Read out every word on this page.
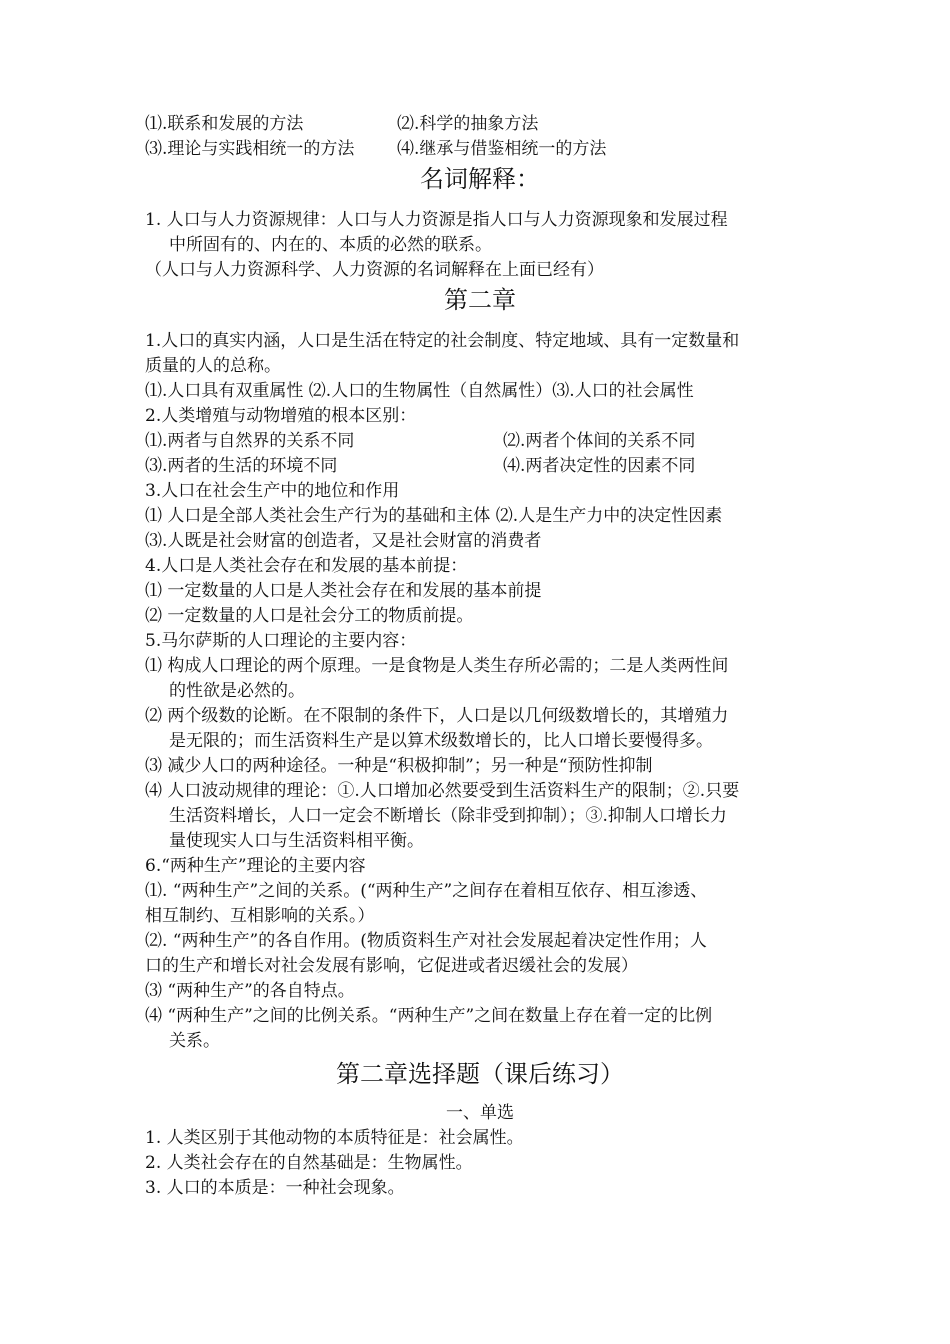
⑴.联系和发展的方法	⑵.科学的抽象方法
⑶.理论与实践相统一的方法	⑷.继承与借鉴相统一的方法
名词解释：
1. 人口与人力资源规律：人口与人力资源是指人口与人力资源现象和发展过程
中所固有的、内在的、本质的必然的联系。
（人口与人力资源科学、人力资源的名词解释在上面已经有）
第二章
1.人口的真实内涵，人口是生活在特定的社会制度、特定地域、具有一定数量和
质量的人的总称。
⑴.人口具有双重属性 ⑵.人口的生物属性（自然属性）⑶.人口的社会属性
2.人类增殖与动物增殖的根本区别：
⑴.两者与自然界的关系不同	⑵.两者个体间的关系不同
⑶.两者的生活的环境不同	⑷.两者决定性的因素不同
3.人口在社会生产中的地位和作用
⑴ 人口是全部人类社会生产行为的基础和主体 ⑵.人是生产力中的决定性因素
⑶.人既是社会财富的创造者，又是社会财富的消费者
4.人口是人类社会存在和发展的基本前提：
⑴ 一定数量的人口是人类社会存在和发展的基本前提
⑵ 一定数量的人口是社会分工的物质前提。
5.马尔萨斯的人口理论的主要内容：
⑴ 构成人口理论的两个原理。一是食物是人类生存所必需的；二是人类两性间
的性欲是必然的。
⑵ 两个级数的论断。在不限制的条件下，人口是以几何级数增长的，其增殖力
是无限的；而生活资料生产是以算术级数增长的，比人口增长要慢得多。
⑶ 减少人口的两种途径。一种是“积极抑制”；另一种是“预防性抑制
⑷ 人口波动规律的理论：①.人口增加必然要受到生活资料生产的限制；②.只要
生活资料增长，人口一定会不断增长（除非受到抑制）；③.抑制人口增长力
量使现实人口与生活资料相平衡。
6.“两种生产”理论的主要内容
⑴. “两种生产”之间的关系。(“两种生产”之间存在着相互依存、相互渗透、
相互制约、互相影响的关系。）
⑵. “两种生产”的各自作用。(物质资料生产对社会发展起着决定性作用；人
口的生产和增长对社会发展有影响，它促进或者迟缓社会的发展）
⑶ “两种生产”的各自特点。
⑷ “两种生产”之间的比例关系。“两种生产”之间在数量上存在着一定的比例
关系。
第二章选择题（课后练习）
一、单选
1. 人类区别于其他动物的本质特征是：社会属性。
2. 人类社会存在的自然基础是：生物属性。
3. 人口的本质是：一种社会现象。
